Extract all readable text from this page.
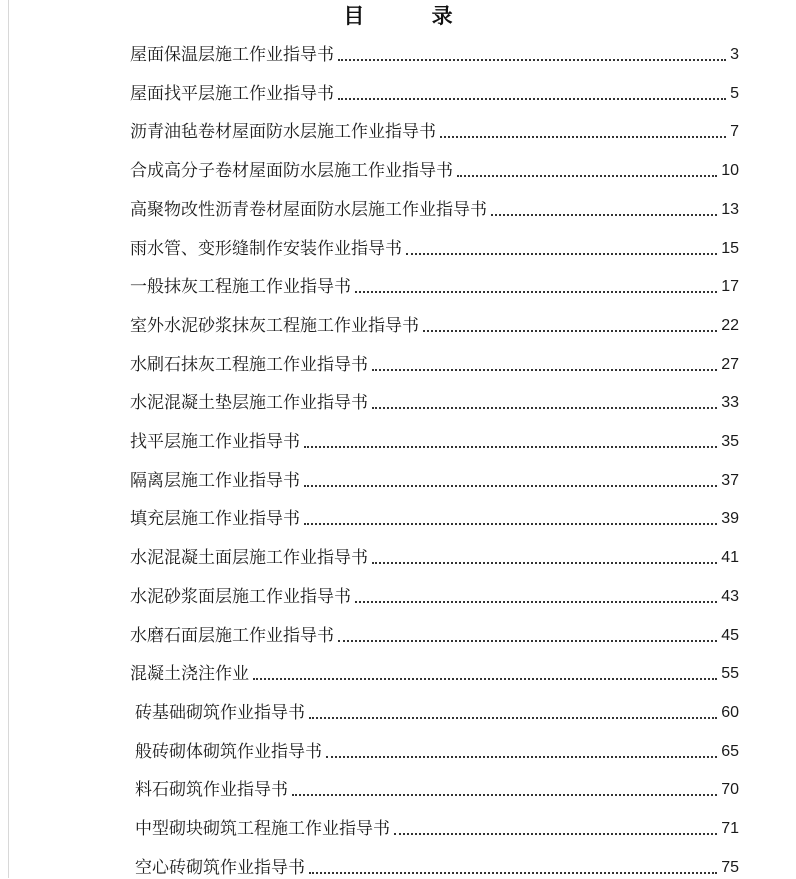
目 录
屋面保温层施工作业指导书	3
屋面找平层施工作业指导书	5
沥青油毡卷材屋面防水层施工作业指导书	7
合成高分子卷材屋面防水层施工作业指导书	10
高聚物改性沥青卷材屋面防水层施工作业指导书	13
雨水管、变形缝制作安装作业指导书	15
一般抹灰工程施工作业指导书	17
室外水泥砂浆抹灰工程施工作业指导书	22
水刷石抹灰工程施工作业指导书	27
水泥混凝土垫层施工作业指导书	33
找平层施工作业指导书	35
隔离层施工作业指导书	37
填充层施工作业指导书	39
水泥混凝土面层施工作业指导书	41
水泥砂浆面层施工作业指导书	43
水磨石面层施工作业指导书	45
混凝土浇注作业	55
砖基础砌筑作业指导书	60
般砖砌体砌筑作业指导书	65
料石砌筑作业指导书	70
中型砌块砌筑工程施工作业指导书	71
空心砖砌筑作业指导书	75
